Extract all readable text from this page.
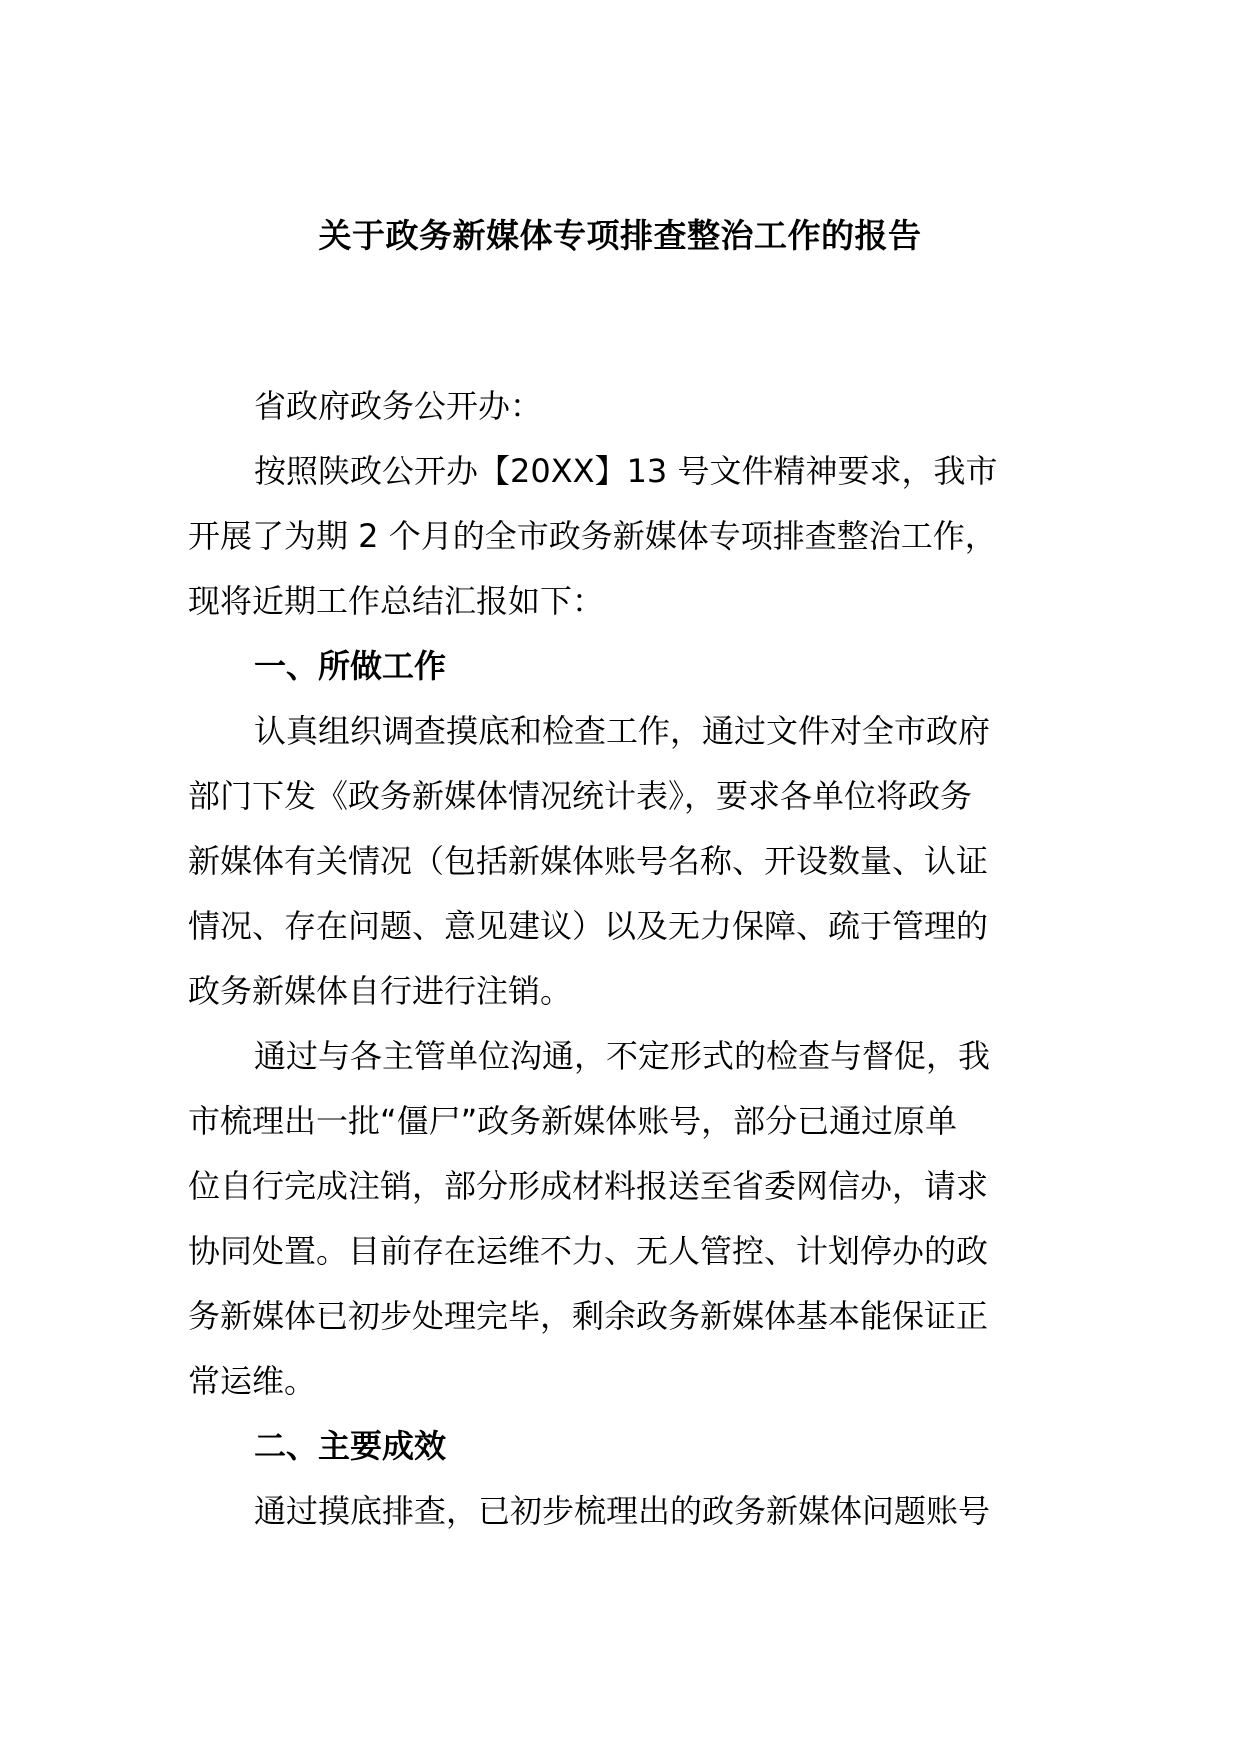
关于政务新媒体专项排查整治工作的报告
省政府政务公开办：
按照陕政公开办【20XX】13 号文件精神要求，我市
开展了为期 2 个月的全市政务新媒体专项排查整治工作，
现将近期工作总结汇报如下：
一、所做工作
认真组织调查摸底和检查工作，通过文件对全市政府
部门下发《政务新媒体情况统计表》，要求各单位将政务
新媒体有关情况（包括新媒体账号名称、开设数量、认证
情况、存在问题、意见建议）以及无力保障、疏于管理的
政务新媒体自行进行注销。
通过与各主管单位沟通，不定形式的检查与督促，我
市梳理出一批“僵尸”政务新媒体账号，部分已通过原单
位自行完成注销，部分形成材料报送至省委网信办，请求
协同处置。目前存在运维不力、无人管控、计划停办的政
务新媒体已初步处理完毕，剩余政务新媒体基本能保证正
常运维。
二、主要成效
通过摸底排查，已初步梳理出的政务新媒体问题账号
